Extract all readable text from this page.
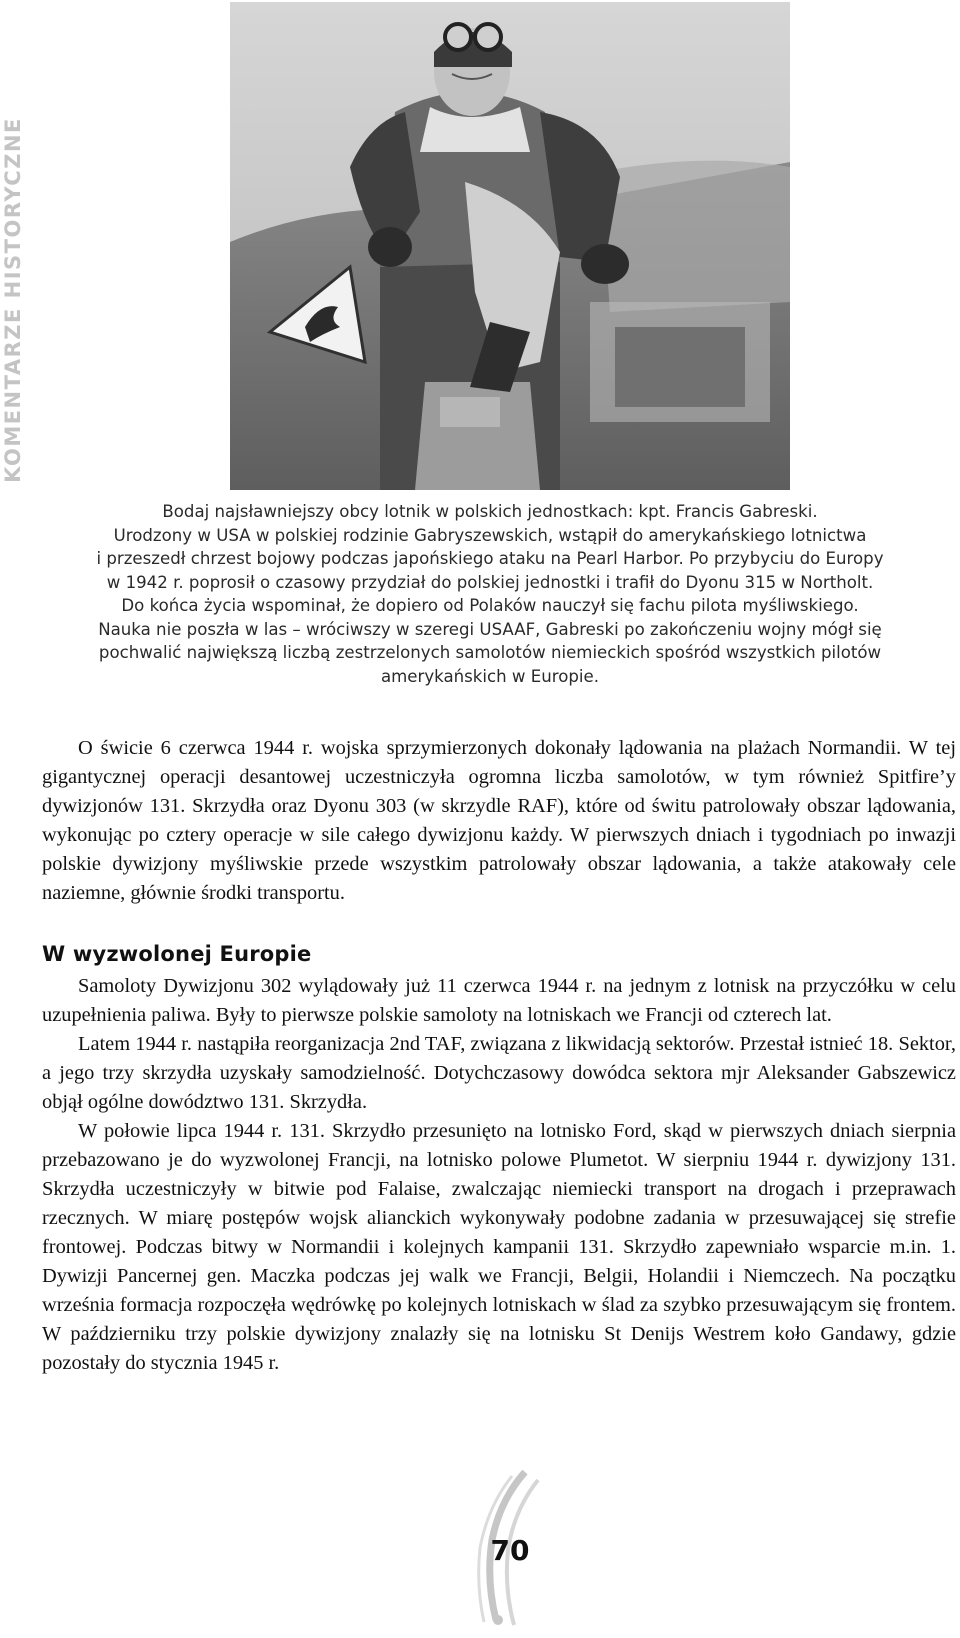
KOMENTARZE HISTORYCZNE

Bodaj najsławniejszy obcy lotnik w polskich jednostkach: kpt. Francis Gabreski.

Urodzony w USA w polskiej rodzinie Gabryszewskich, wstąpił do amerykańskiego lotnictwa

i przeszedł chrzest bojowy podczas japońskiego ataku na Pearl Harbor. Po przybyciu do Europy

w 1942 r. poprosił o czasowy przydział do polskiej jednostki i trafił do Dyonu 315 w Northolt.

Do końca życia wspominał, że dopiero od Polaków nauczył się fachu pilota myśliwskiego.

Nauka nie poszła w las – wróciwszy w szeregi USAAF, Gabreski po zakończeniu wojny mógł się

pochwalić największą liczbą zestrzelonych samolotów niemieckich spośród wszystkich pilotów

amerykańskich w Europie.

O świcie 6 czerwca 1944 r. wojska sprzymierzonych dokonały lądowania na plażach Normandii. W tej gigantycznej operacji desantowej uczestniczyła ogromna liczba samolotów, w tym również Spitfire’y dywizjonów 131. Skrzydła oraz Dyonu 303 (w skrzydle RAF), które od świtu patrolowały obszar lądowania, wykonując po cztery operacje w sile całego dywizjonu każdy. W pierwszych dniach i tygodniach po inwazji polskie dywizjony myśliwskie przede wszystkim patrolowały obszar lądowania, a także atakowały cele naziemne, głównie środki transportu.

W wyzwolonej Europie

Samoloty Dywizjonu 302 wylądowały już 11 czerwca 1944 r. na jednym z lotnisk na przyczółku w celu uzupełnienia paliwa. Były to pierwsze polskie samoloty na lotniskach we Francji od czterech lat.

Latem 1944 r. nastąpiła reorganizacja 2nd TAF, związana z likwidacją sektorów. Przestał istnieć 18. Sektor, a jego trzy skrzydła uzyskały samodzielność. Dotychczasowy dowódca sektora mjr Aleksander Gabszewicz objął ogólne dowództwo 131. Skrzydła.

W połowie lipca 1944 r. 131. Skrzydło przesunięto na lotnisko Ford, skąd w pierwszych dniach sierpnia przebazowano je do wyzwolonej Francji, na lotnisko polowe Plumetot. W sierpniu 1944 r. dywizjony 131. Skrzydła uczestniczyły w bitwie pod Falaise, zwalczając niemiecki transport na drogach i przeprawach rzecznych. W miarę postępów wojsk alianckich wykonywały podobne zadania w przesuwającej się strefie frontowej. Podczas bitwy w Normandii i kolejnych kampanii 131. Skrzydło zapewniało wsparcie m.in. 1. Dywizji Pancernej gen. Maczka podczas jej walk we Francji, Belgii, Holandii i Niemczech. Na początku września formacja rozpoczęła wędrówkę po kolejnych lotniskach w ślad za szybko przesuwającym się frontem. W październiku trzy polskie dywizjony znalazły się na lotnisku St Denijs Westrem koło Gandawy, gdzie pozostały do stycznia 1945 r.

70
